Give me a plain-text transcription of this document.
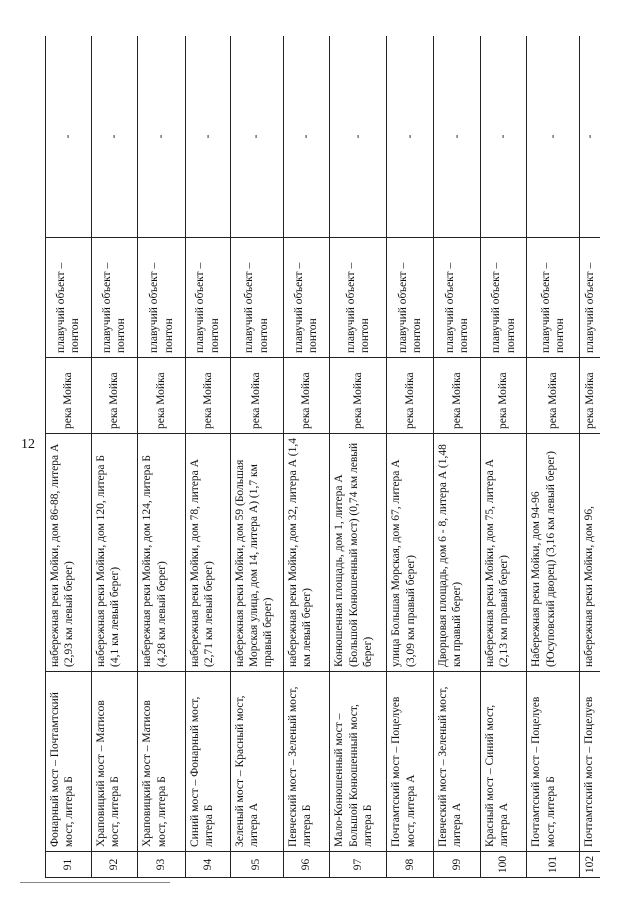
12
91	Фонарный мост – Почтамтский мост, литера Б	набережная реки Мойки, дом 86-88, литера А (2,93 км левый берег)	река Мойка	плавучий объект – понтон	-
92	Храповицкий мост – Матисов мост, литера Б	набережная реки Мойки, дом 120, литера Б (4,1 км левый берег)	река Мойка	плавучий объект – понтон	-
93	Храповицкий мост – Матисов мост, литера Б	набережная реки Мойки, дом 124, литера Б (4,28 км левый берег)	река Мойка	плавучий объект – понтон	-
94	Синий мост – Фонарный мост, литера Б	набережная реки Мойки, дом 78, литера А (2,71 км левый берег)	река Мойка	плавучий объект – понтон	-
95	Зеленый мост – Красный мост, литера А	набережная реки Мойки, дом 59 (Большая Морская улица, дом 14, литера А) (1,7 км правый берег)	река Мойка	плавучий объект – понтон	-
96	Певческий мост – Зеленый мост, литера Б	набережная реки Мойки, дом 32, литера А (1,4 км левый берег)	река Мойка	плавучий объект – понтон	-
97	Мало-Конюшенный мост – Большой Конюшенный мост, литера Б	Конюшенная площадь, дом 1, литера А (Большой Конюшенный мост) (0,74 км левый берег)	река Мойка	плавучий объект – понтон	-
98	Почтамтский мост – Поцелуев мост, литера А	улица Большая Морская, дом 67, литера А (3,09 км правый берег)	река Мойка	плавучий объект – понтон	-
99	Певческий мост – Зеленый мост, литера А	Дворцовая площадь, дом 6 - 8, литера А (1,48 км правый берег)	река Мойка	плавучий объект – понтон	-
100	Красный мост – Синий мост, литера А	набережная реки Мойки, дом 75, литера А (2,13 км правый берег)	река Мойка	плавучий объект – понтон	-
101	Почтамтский мост – Поцелуев мост, литера Б	Набережная реки Мойки, дом 94-96 (Юсуповский дворец) (3,16 км левый берег)	река Мойка	плавучий объект – понтон	-
102	Почтамтский мост – Поцелуев	набережная реки Мойки, дом 96,	река Мойка	плавучий объект –	-
